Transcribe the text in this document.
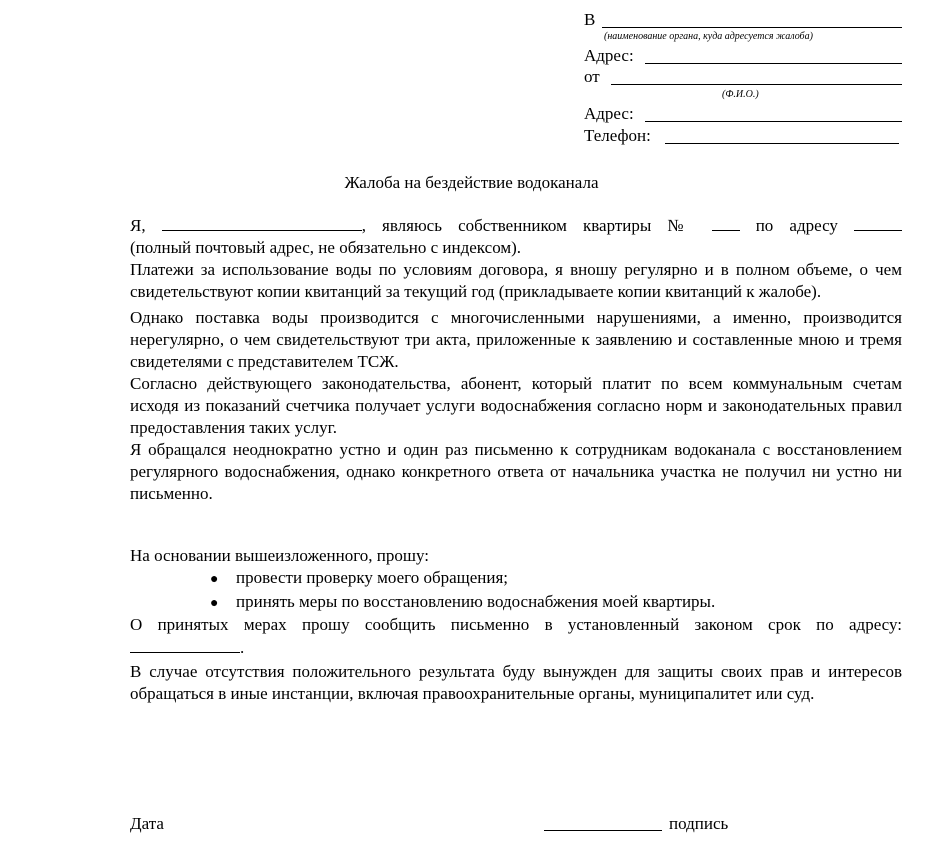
В
(наименование органа, куда адресуется жалоба)
Адрес:
от
(Ф.И.О.)
Адрес:
Телефон:
Жалоба на бездействие водоканала

Я,	, являюсь собственником квартиры №	по адресу

(полный почтовый адрес, не обязательно с индексом).

Платежи за использование воды по условиям договора, я вношу регулярно и в полном объеме, о чем свидетельствуют копии квитанций за текущий год (прикладываете копии квитанций к жалобе).

Однако поставка воды производится с многочисленными нарушениями, а именно, производится нерегулярно, о чем свидетельствуют три акта, приложенные к заявлению и составленные мною и тремя свидетелями с представителем ТСЖ.

Согласно действующего законодательства, абонент, который платит по всем коммунальным счетам исходя из показаний счетчика получает услуги водоснабжения согласно норм и законодательных правил предоставления таких услуг.

Я обращался неоднократно устно и один раз письменно к сотрудникам водоканала с восстановлением регулярного водоснабжения, однако конкретного ответа от начальника участка не получил ни устно ни письменно.

На основании вышеизложенного, прошу:
●	провести проверку моего обращения;
●	принять меры по восстановлению водоснабжения моей квартиры.

О принятых мерах прошу сообщить письменно в установленный законом срок по адресу:

.

В случае отсутствия положительного результата буду вынужден для защиты своих прав и интересов обращаться в иные инстанции, включая правоохранительные органы, муниципалитет или суд.

Дата	подпись
